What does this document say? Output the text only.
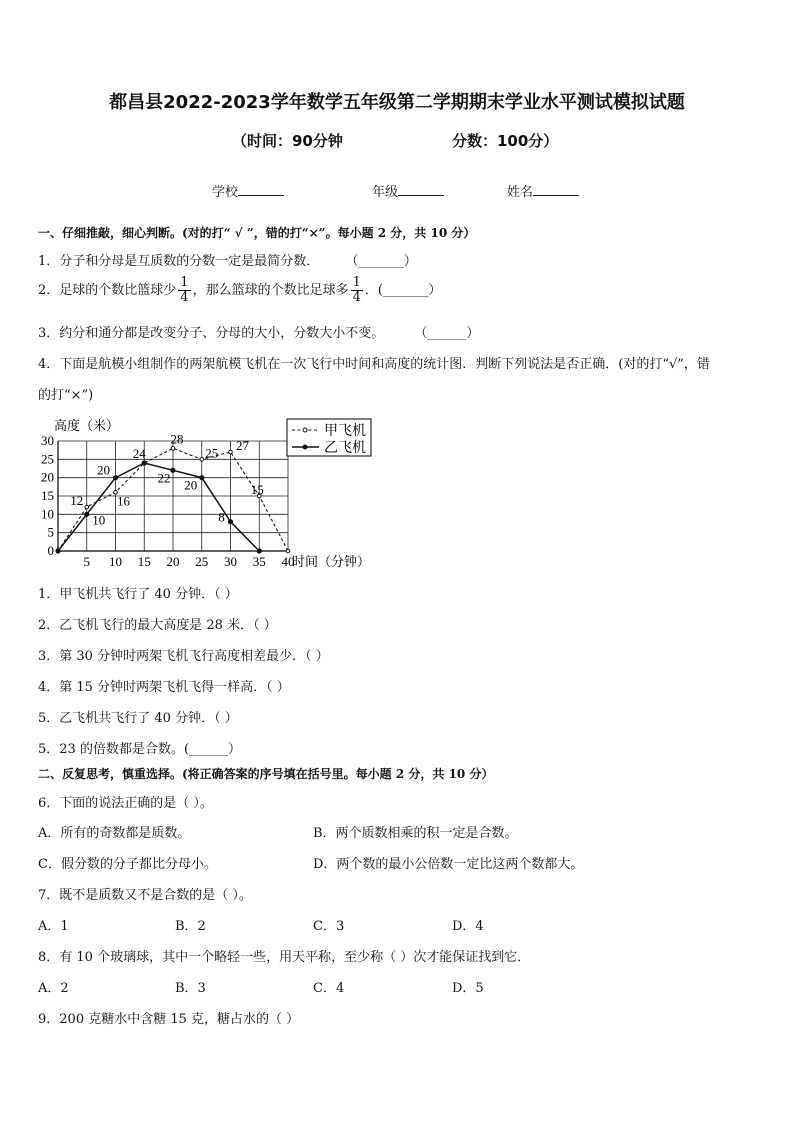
都昌县2022-2023学年数学五年级第二学期期末学业水平测试模拟试题
（时间：90分钟	分数：100分）
学校	年级	姓名
一、仔细推敲，细心判断。(对的打“ √ ”，错的打“×”。每小题 2 分，共 10 分）
1．分子和分母是互质数的分数一定是最简分数． （_______）
2．足球的个数比篮球少 $\frac{1}{4}$ ，那么篮球的个数比足球多 $\frac{1}{4}$ ．(_______）
3．约分和通分都是改变分子、分母的大小，分数大小不变。 （______）
4．下面是航模小组制作的两架航模飞机在一次飞行中时间和高度的统计图．判断下列说法是否正确．(对的打“√”，错
的打“×”)
5 10 15 20 25 30 35 40
0
5
10
15
20
25
30
时间（分钟）
高度（米）
12	16
24
28
25 27
15
10
20
22 20
8
甲飞机
乙飞机
1．甲飞机共飞行了 40 分钟．（ ）
2．乙飞机飞行的最大高度是 28 米．（ ）
3．第 30 分钟时两架飞机飞行高度相差最少．（ ）
4．第 15 分钟时两架飞机飞得一样高．（ ）
5．乙飞机共飞行了 40 分钟．（ ）
5．23 的倍数都是合数。(______）
二、反复思考，慎重选择。(将正确答案的序号填在括号里。每小题 2 分，共 10 分）
6．下面的说法正确的是（ ）。
A．所有的奇数都是质数。	B．两个质数相乘的积一定是合数。
C．假分数的分子都比分母小。	D．两个数的最小公倍数一定比这两个数都大。
7．既不是质数又不是合数的是（ ）。
A．1	B．2	C．3	D．4
8．有 10 个玻璃球，其中一个略轻一些，用天平称，至少称（ ）次才能保证找到它．
A．2	B．3	C．4	D．5
9．200 克糖水中含糖 15 克，糖占水的（ ）
